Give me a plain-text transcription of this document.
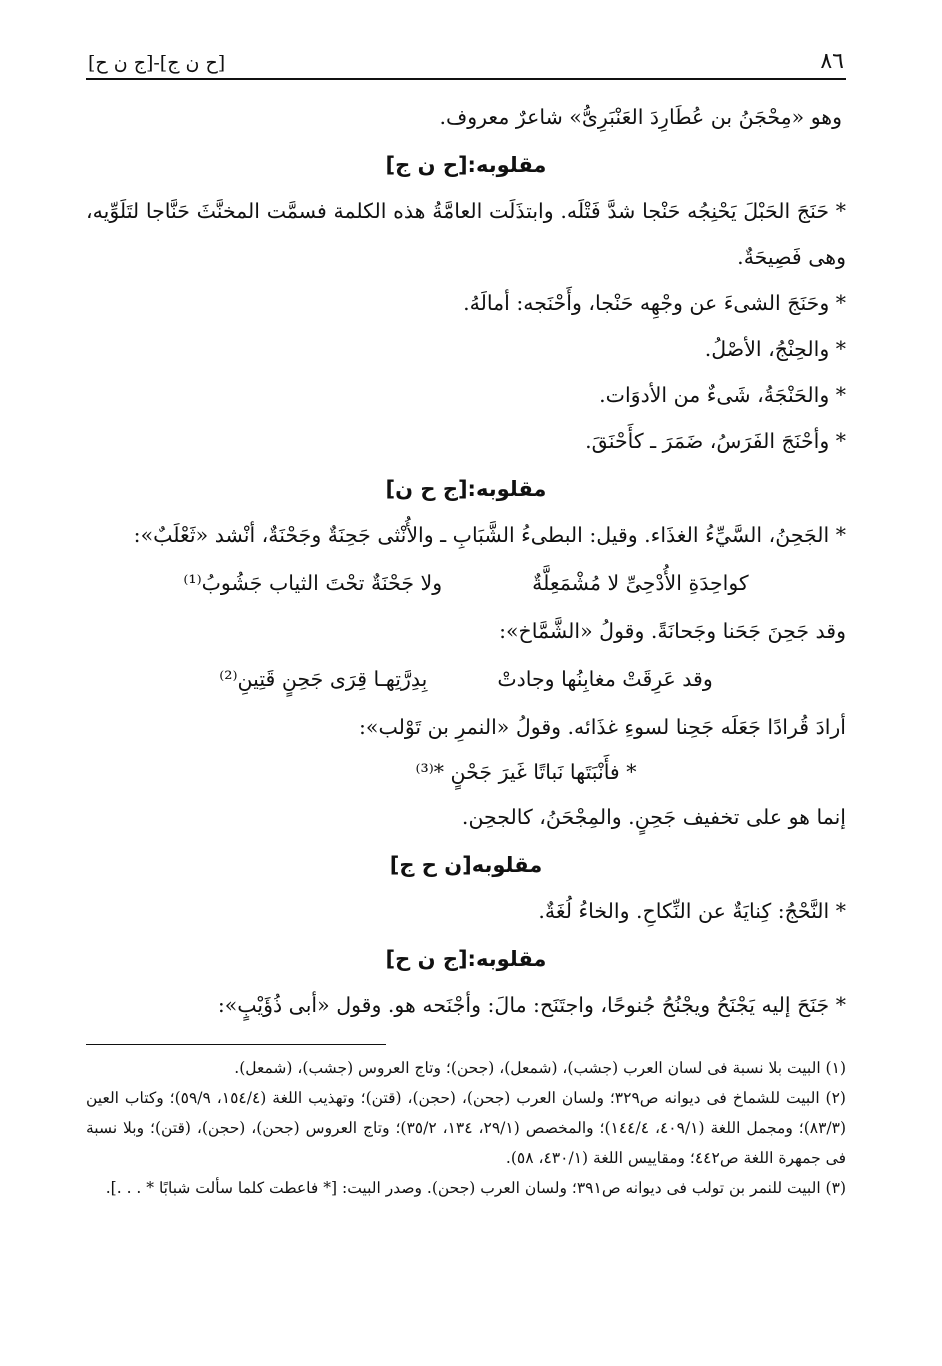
٨٦
[ح ن ج]-[ج ن ح]

وهو «مِحْجَنُ بن عُطَارِدَ العَنْبَرِىُّ» شاعرٌ معروف.

مقلوبه:[ح ن ج]

* حَنَجَ الحَبْلَ يَحْنِجُه حَنْجا شدَّ فَتْلَه. وابتذَلَت العامَّةُ هذه الكلمة فسمَّت المخنَّثَ حَنَّاجا لتَلَوِّيه، وهى فَصِيحَةٌ.

* وحَنَجَ الشىءَ عن وجْهِه حَنْجا، وأَحْنَجه: أمالَهُ.

* والحِنْجُ، الأصْلُ.

* والحَنْجَةُ، شَىءٌ من الأدوَات.

* وأحْنَجَ الفَرَسُ، ضَمَرَ ـ كأَحْنَقَ.

مقلوبه:[ج ح ن]

* الجَحِنُ، السَّيِّءُ الغذَاء. وقيل: البطىءُ الشَّبَابِ ـ والأُنْثى جَحِنَةٌ وجَحْنَةٌ، أنْشد «ثَعْلَبٌ»:

كواحِدَةِ الأُدْحِىِّ لا مُشْمَعِلَّةٌ
ولا جَحْنَةٌ تحْتَ الثياب جَشُوبُ⁽¹⁾

وقد جَحِنَ جَحَنا وجَحانَةً. وقولُ «الشَّمَّاخ»:

وقد عَرِقَتْ مغابِنُها وجادتْ
بِدِرَّتِهـا قِرَى جَحِنٍ قَتِينِ⁽²⁾

أرادَ قُرادًا جَعَلَه جَحِنا لسوءِ غذَائه. وقولُ «النمرِ بن تَوْلب»:

* فأَنْبَتَها نَباتًا غَيرَ جَحْنٍ *⁽³⁾

إنما هو على تخفيف جَحِنٍ. والمِجْحَنُ، كالجحِن.

مقلوبه[ن ح ج]

* النَّحْجُ: كِنايَةٌ عن النِّكاحِ. والخاءُ لُغَةٌ.

مقلوبه:[ج ن ح]

* جَنَحَ إليه يَجْنَحُ ويجْنُحُ جُنوحًا، واجتَنَح: مالَ: وأجْنَحه هو. وقول «أبى ذُؤَيْبٍ»:

(١) البيت بلا نسبة فى لسان العرب (جشب)، (شمعل)، (جحن)؛ وتاج العروس (جشب)، (شمعل).

(٢) البيت للشماخ فى ديوانه ص٣٢٩؛ ولسان العرب (جحن)، (حجن)، (قتن)؛ وتهذيب اللغة (١٥٤/٤، ٥٩/٩)؛ وكتاب العين (٨٣/٣)؛ ومجمل اللغة (٤٠٩/١، ١٤٤/٤)؛ والمخصص (٢٩/١، ١٣٤، ٣٥/٢)؛ وتاج العروس (جحن)، (حجن)، (قتن)؛ وبلا نسبة فى جمهرة اللغة ص٤٤٢؛ ومقاييس اللغة (٤٣٠/١، ٥٨).

(٣) البيت للنمر بن تولب فى ديوانه ص٣٩١؛ ولسان العرب (جحن). وصدر البيت: [* فاعطت كلما سألت شبابًا * . . .].
